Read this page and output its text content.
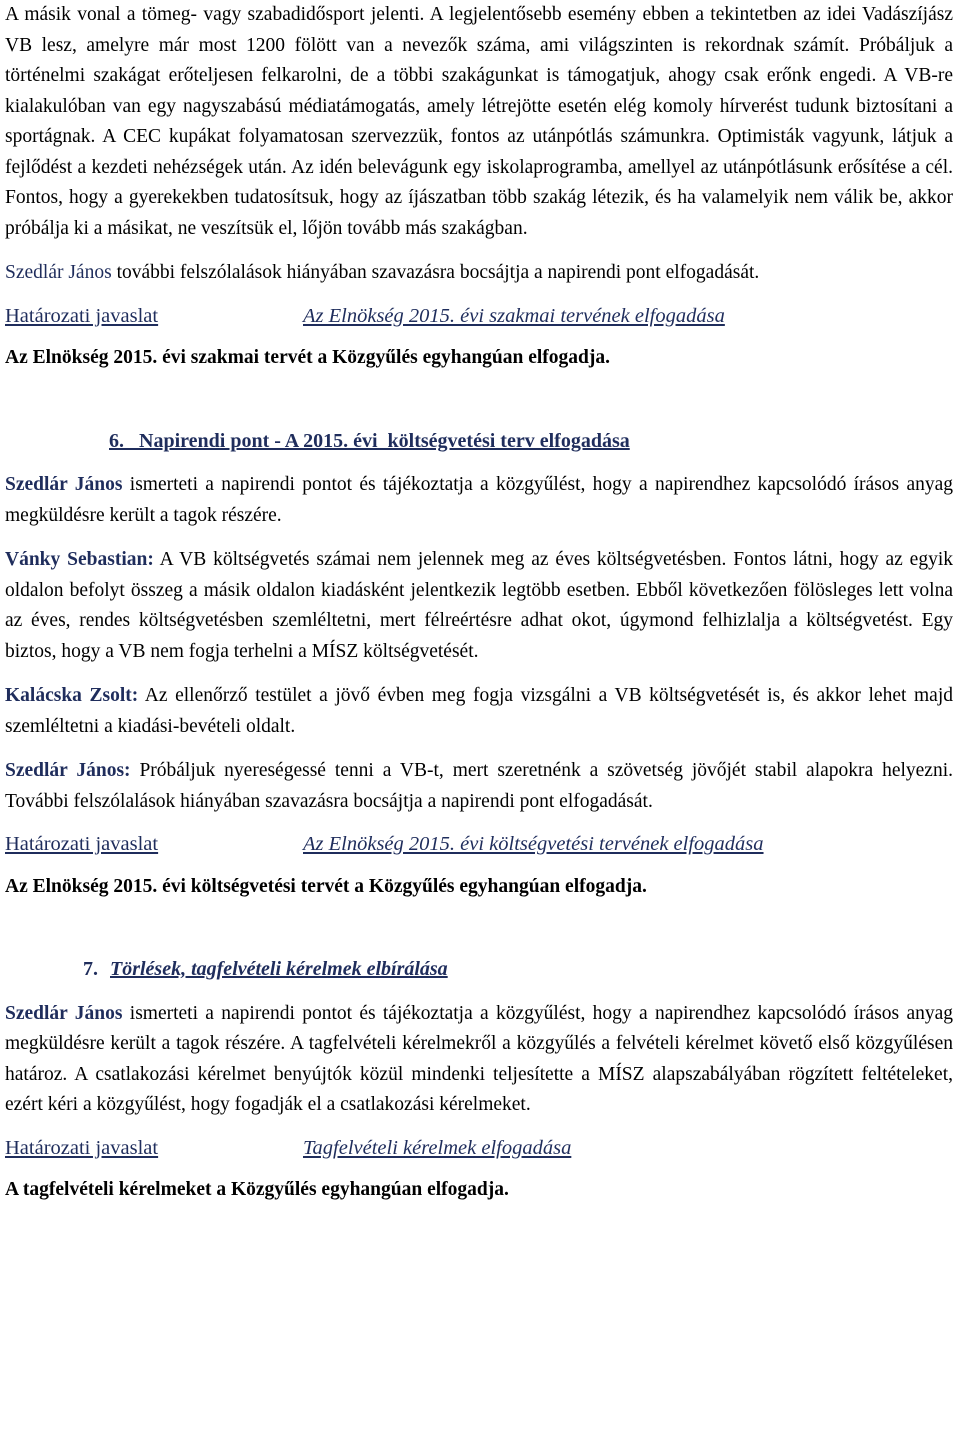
A másik vonal a tömeg- vagy szabadidősport jelenti. A legjelentősebb esemény ebben a tekintetben az idei Vadászíjász VB lesz, amelyre már most 1200 fölött van a nevezők száma, ami világszinten is rekordnak számít. Próbáljuk a történelmi szakágat erőteljesen felkarolni, de a többi szakágunkat is támogatjuk, ahogy csak erőnk engedi. A VB-re kialakulóban van egy nagyszabású médiatámogatás, amely létrejötte esetén elég komoly hírverést tudunk biztosítani a sportágnak. A CEC kupákat folyamatosan szervezzük, fontos az utánpótlás számunkra. Optimisták vagyunk, látjuk a fejlődést a kezdeti nehézségek után. Az idén belevágunk egy iskolaprogramba, amellyel az utánpótlásunk erősítése a cél. Fontos, hogy a gyerekekben tudatosítsuk, hogy az íjászatban több szakág létezik, és ha valamelyik nem válik be, akkor próbálja ki a másikat, ne veszítsük el, lőjön tovább más szakágban.

Szedlár János további felszólalások hiányában szavazásra bocsájtja a napirendi pont elfogadását.

Határozati javaslat	Az Elnökség 2015. évi szakmai tervének elfogadása

Az Elnökség 2015. évi szakmai tervét a Közgyűlés egyhangúan elfogadja.

6.   Napirendi pont - A 2015. évi  költségvetési terv elfogadása

Szedlár János ismerteti a napirendi pontot és tájékoztatja a közgyűlést, hogy a napirendhez kapcsolódó írásos anyag megküldésre került a tagok részére.

Vánky Sebastian: A VB költségvetés számai nem jelennek meg az éves költségvetésben. Fontos látni, hogy az egyik oldalon befolyt összeg a másik oldalon kiadásként jelentkezik legtöbb esetben. Ebből következően fölösleges lett volna az éves, rendes költségvetésben szemléltetni, mert félreértésre adhat okot, úgymond felhizlalja a költségvetést. Egy biztos, hogy a VB nem fogja terhelni a MÍSZ költségvetését.

Kalácska Zsolt: Az ellenőrző testület a jövő évben meg fogja vizsgálni a VB költségvetését is, és akkor lehet majd szemléltetni a kiadási-bevételi oldalt.

Szedlár János: Próbáljuk nyereségessé tenni a VB-t, mert szeretnénk a szövetség jövőjét stabil alapokra helyezni. További felszólalások hiányában szavazásra bocsájtja a napirendi pont elfogadását.

Határozati javaslat	Az Elnökség 2015. évi költségvetési tervének elfogadása

Az Elnökség 2015. évi költségvetési tervét a Közgyűlés egyhangúan elfogadja.

7. Törlések, tagfelvételi kérelmek elbírálása

Szedlár János ismerteti a napirendi pontot és tájékoztatja a közgyűlést, hogy a napirendhez kapcsolódó írásos anyag megküldésre került a tagok részére. A tagfelvételi kérelmekről a közgyűlés a felvételi kérelmet követő első közgyűlésen határoz. A csatlakozási kérelmet benyújtók közül mindenki teljesítette a MÍSZ alapszabályában rögzített feltételeket, ezért kéri a közgyűlést, hogy fogadják el a csatlakozási kérelmeket.

Határozati javaslat	Tagfelvételi kérelmek elfogadása

A tagfelvételi kérelmeket a Közgyűlés egyhangúan elfogadja.
